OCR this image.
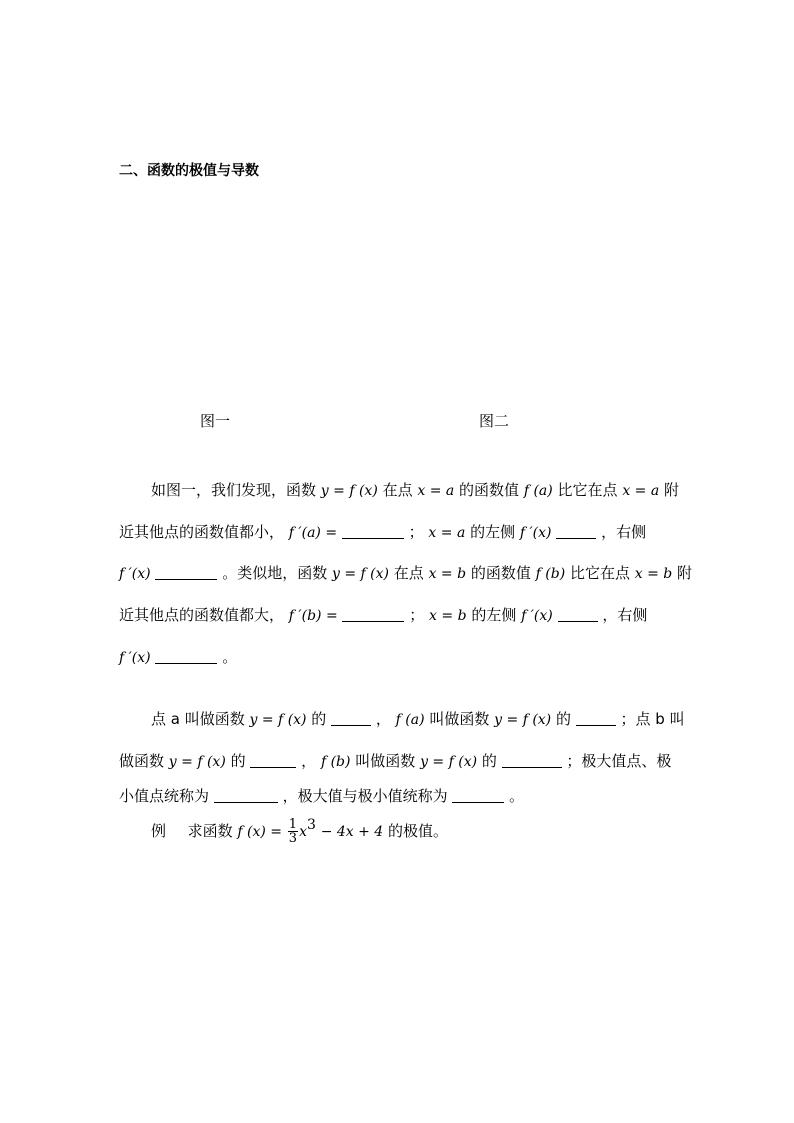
二、函数的极值与导数
图一	图二
如图一，我们发现，函数 y = f (x) 在点 x = a 的函数值 f (a) 比它在点 x = a 附
近其他点的函数值都小， f ′(a) =	； x = a 的左侧 f ′(x)	，右侧
f ′(x)	。类似地，函数 y = f (x) 在点 x = b 的函数值 f (b) 比它在点 x = b 附
近其他点的函数值都大， f ′(b) =	； x = b 的左侧 f ′(x)	，右侧
f ′(x)	。
点 a 叫做函数 y = f (x) 的	， f (a) 叫做函数 y = f (x) 的	；点 b 叫
做函数 y = f (x) 的	， f (b) 叫做函数 y = f (x) 的	；极大值点、极
小值点统称为	，极大值与极小值统称为	。
例 求函数 f $(x) = \frac{1}{3} x^3 - 4x + 4$ 的极值。
